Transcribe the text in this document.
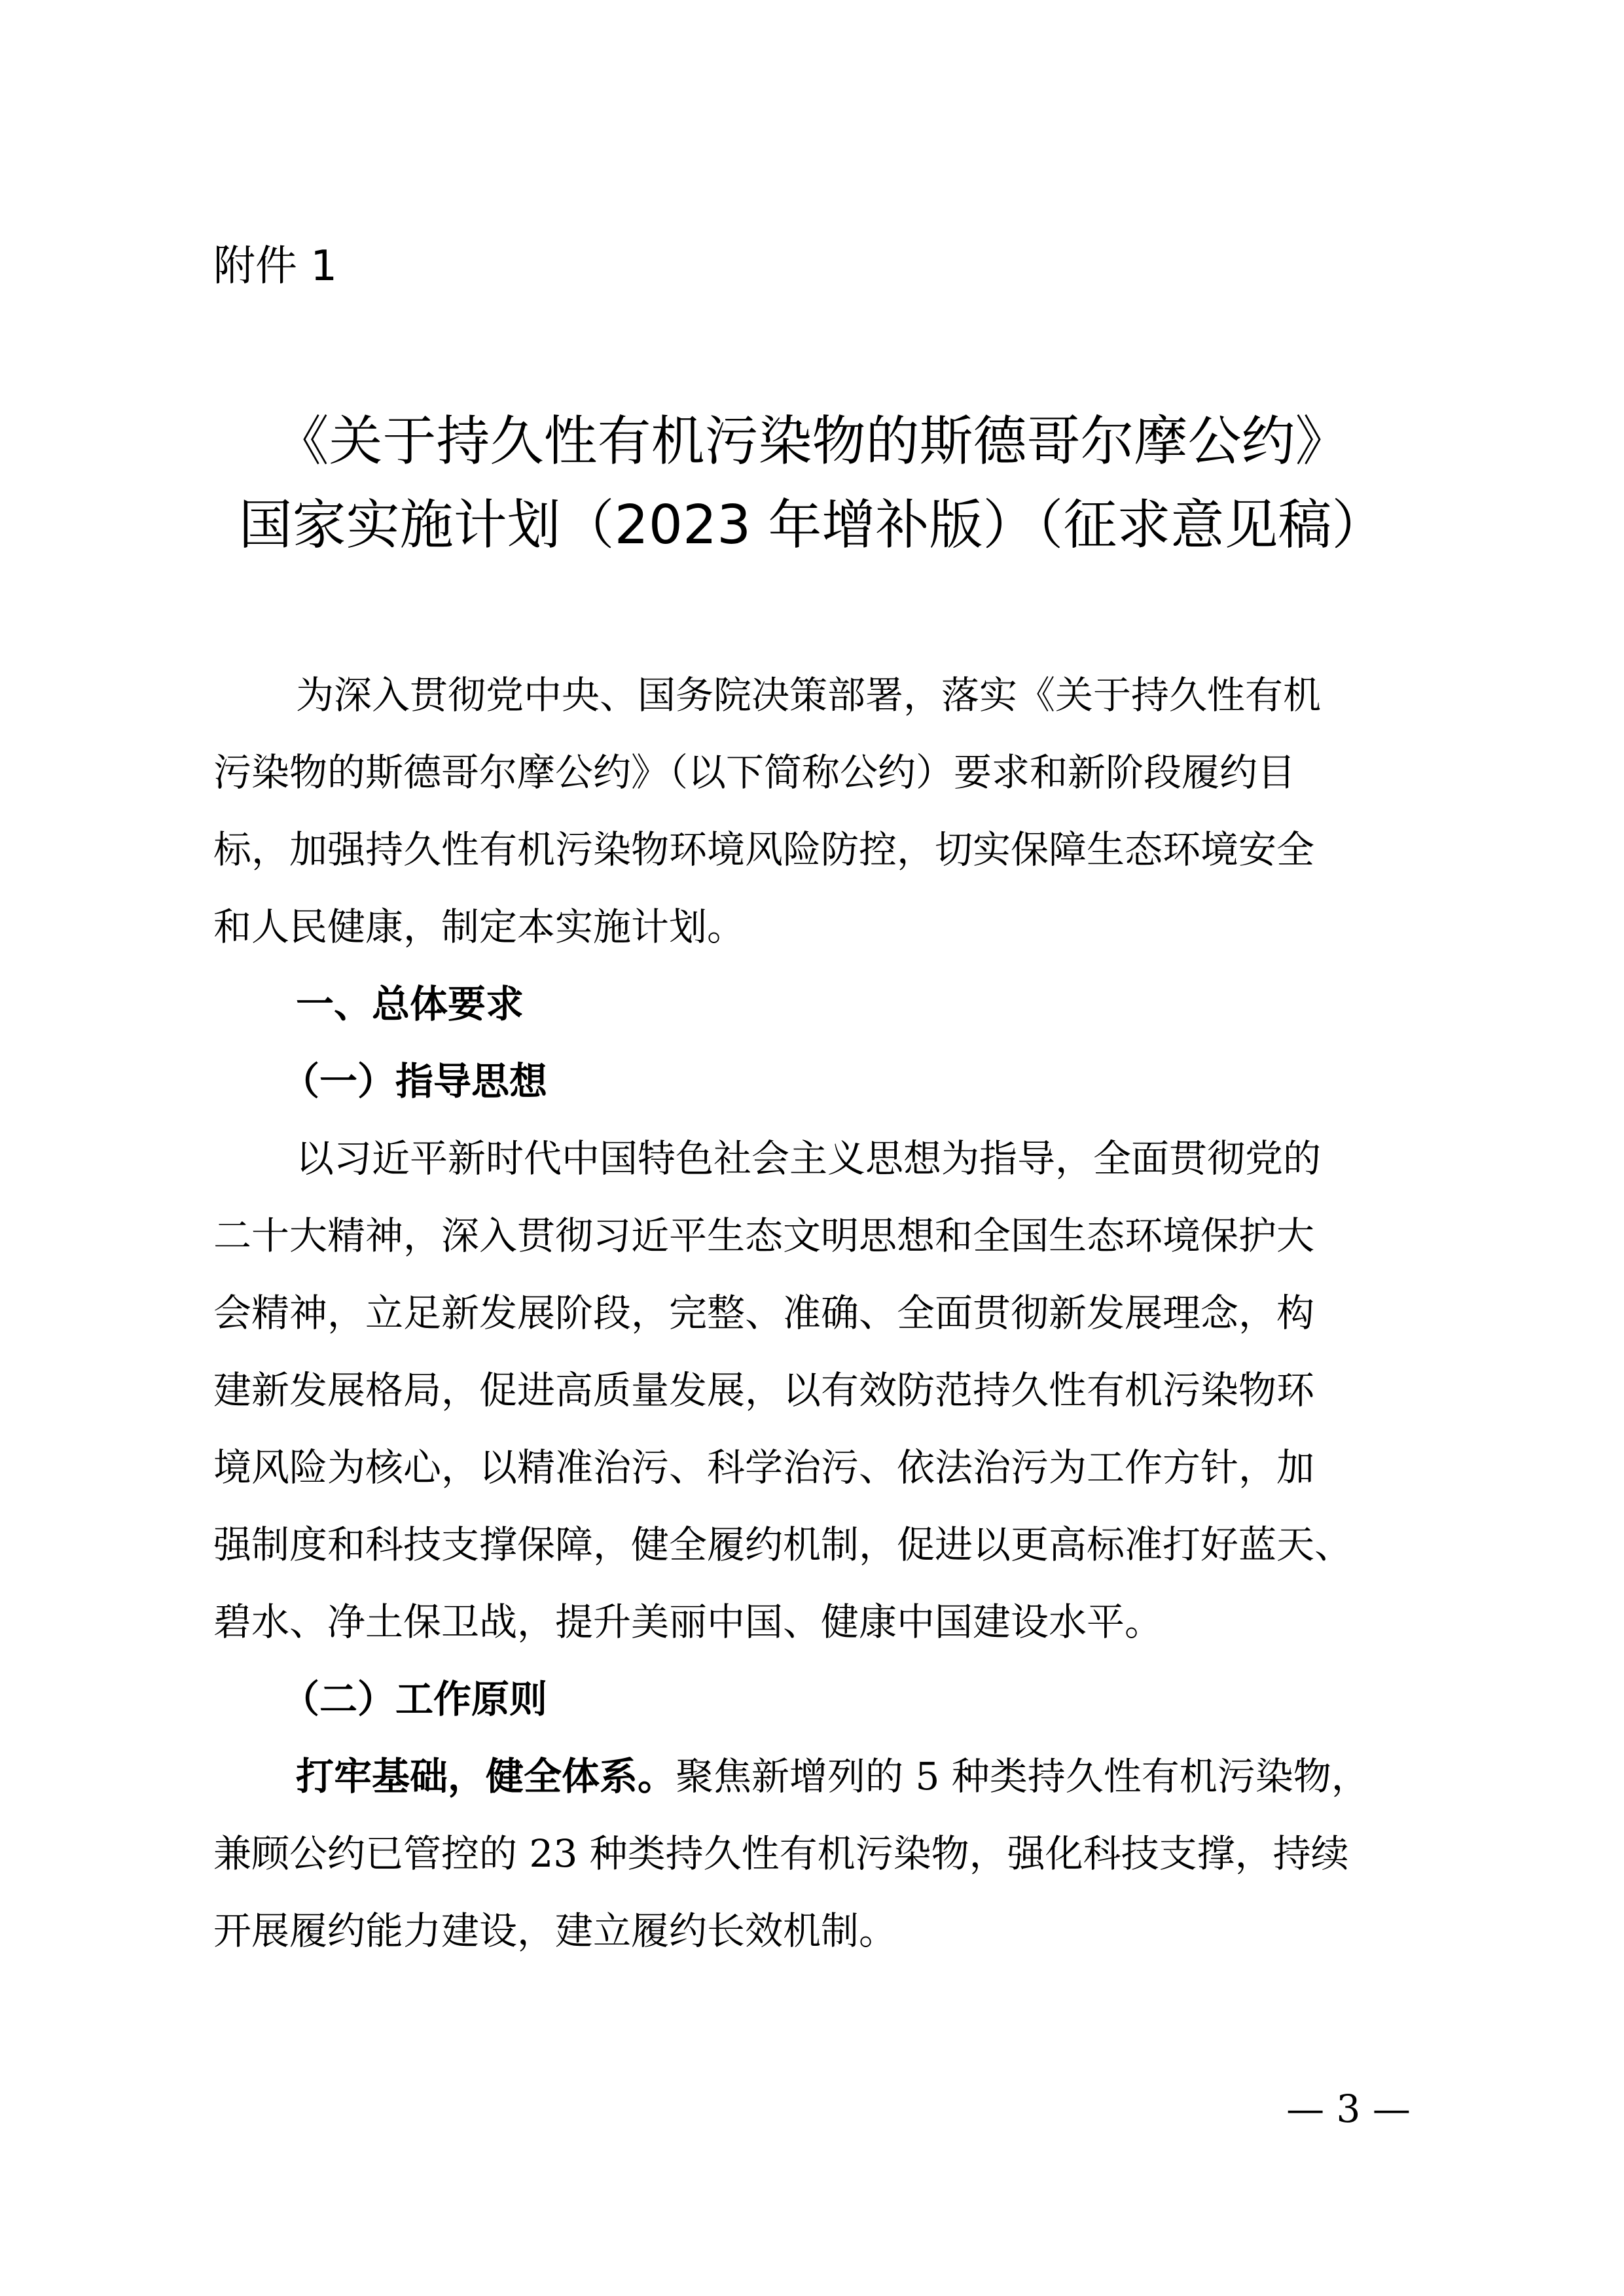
附件 1
《关于持久性有机污染物的斯德哥尔摩公约》
国家实施计划（2023 年增补版）（征求意见稿）
为深入贯彻党中央、国务院决策部署，落实《关于持久性有机
污染物的斯德哥尔摩公约》（以下简称公约）要求和新阶段履约目
标，加强持久性有机污染物环境风险防控，切实保障生态环境安全
和人民健康，制定本实施计划。
一、总体要求
（一）指导思想
以习近平新时代中国特色社会主义思想为指导，全面贯彻党的
二十大精神，深入贯彻习近平生态文明思想和全国生态环境保护大
会精神，立足新发展阶段，完整、准确、全面贯彻新发展理念，构
建新发展格局，促进高质量发展，以有效防范持久性有机污染物环
境风险为核心，以精准治污、科学治污、依法治污为工作方针，加
强制度和科技支撑保障，健全履约机制，促进以更高标准打好蓝天、
碧水、净土保卫战，提升美丽中国、健康中国建设水平。
（二）工作原则
打牢基础，健全体系。聚焦新增列的 5 种类持久性有机污染物，
兼顾公约已管控的 23 种类持久性有机污染物，强化科技支撑，持续
开展履约能力建设，建立履约长效机制。
— 3 —
